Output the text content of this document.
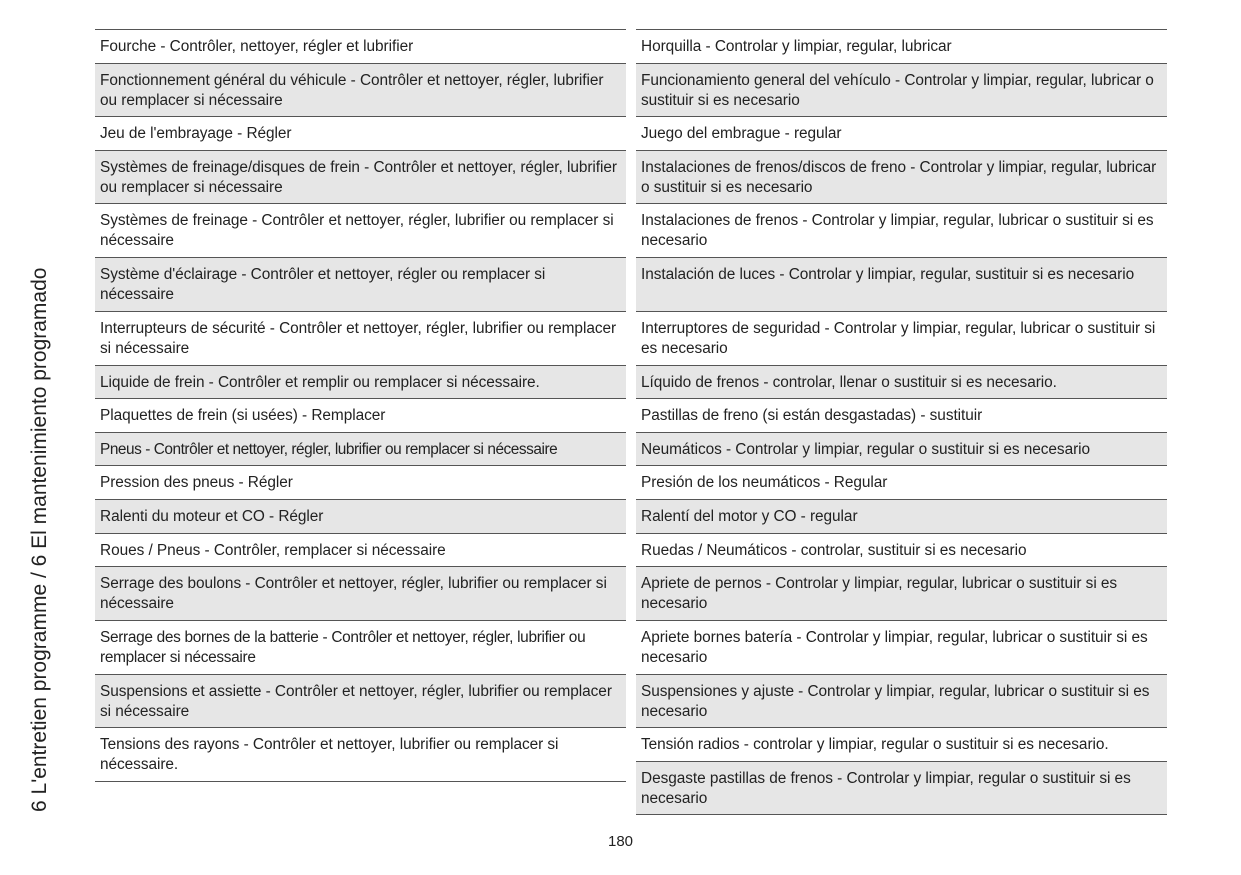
6 L'entretien programme / 6 El mantenimiento programado
Fourche - Contrôler, nettoyer, régler et lubrifier
Fonctionnement général du véhicule - Contrôler et nettoyer, régler, lubrifier ou remplacer si nécessaire
Jeu de l'embrayage - Régler
Systèmes de freinage/disques de frein - Contrôler et nettoyer, régler, lubrifier ou remplacer si nécessaire
Systèmes de freinage - Contrôler et nettoyer, régler, lubrifier ou remplacer si nécessaire
Système d'éclairage - Contrôler et nettoyer, régler ou remplacer si nécessaire
Interrupteurs de sécurité - Contrôler et nettoyer, régler, lubrifier ou remplacer si nécessaire
Liquide de frein - Contrôler et remplir ou remplacer si nécessaire.
Plaquettes de frein (si usées) - Remplacer
Pneus - Contrôler et nettoyer, régler, lubrifier ou remplacer si nécessaire
Pression des pneus - Régler
Ralenti du moteur et CO - Régler
Roues / Pneus - Contrôler, remplacer si nécessaire
Serrage des boulons - Contrôler et nettoyer, régler, lubrifier ou remplacer si nécessaire
Serrage des bornes de la batterie - Contrôler et nettoyer, régler, lubrifier ou remplacer si nécessaire
Suspensions et assiette - Contrôler et nettoyer, régler, lubrifier ou remplacer si nécessaire
Tensions des rayons - Contrôler et nettoyer, lubrifier ou remplacer si nécessaire.
Horquilla - Controlar y limpiar, regular, lubricar
Funcionamiento general del vehículo - Controlar y limpiar, regular, lubricar o sustituir si es necesario
Juego del embrague - regular
Instalaciones de frenos/discos de freno - Controlar y limpiar, regular, lubricar o sustituir si es necesario
Instalaciones de frenos - Controlar y limpiar, regular, lubricar o sustituir si es necesario
Instalación de luces - Controlar y limpiar, regular, sustituir si es necesario
Interruptores de seguridad - Controlar y limpiar, regular, lubricar o sustituir si es necesario
Líquido de frenos - controlar, llenar o sustituir si es necesario.
Pastillas de freno (si están desgastadas) - sustituir
Neumáticos - Controlar y limpiar, regular o sustituir si es necesario
Presión de los neumáticos - Regular
Ralentí del motor y CO - regular
Ruedas / Neumáticos - controlar, sustituir si es necesario
Apriete de pernos - Controlar y limpiar, regular, lubricar o sustituir si es necesario
Apriete bornes batería - Controlar y limpiar, regular, lubricar o sustituir si es necesario
Suspensiones y ajuste - Controlar y limpiar, regular, lubricar o sustituir si es necesario
Tensión radios - controlar y limpiar, regular o sustituir si es necesario.
Desgaste pastillas de frenos - Controlar y limpiar, regular o sustituir si es necesario
180
